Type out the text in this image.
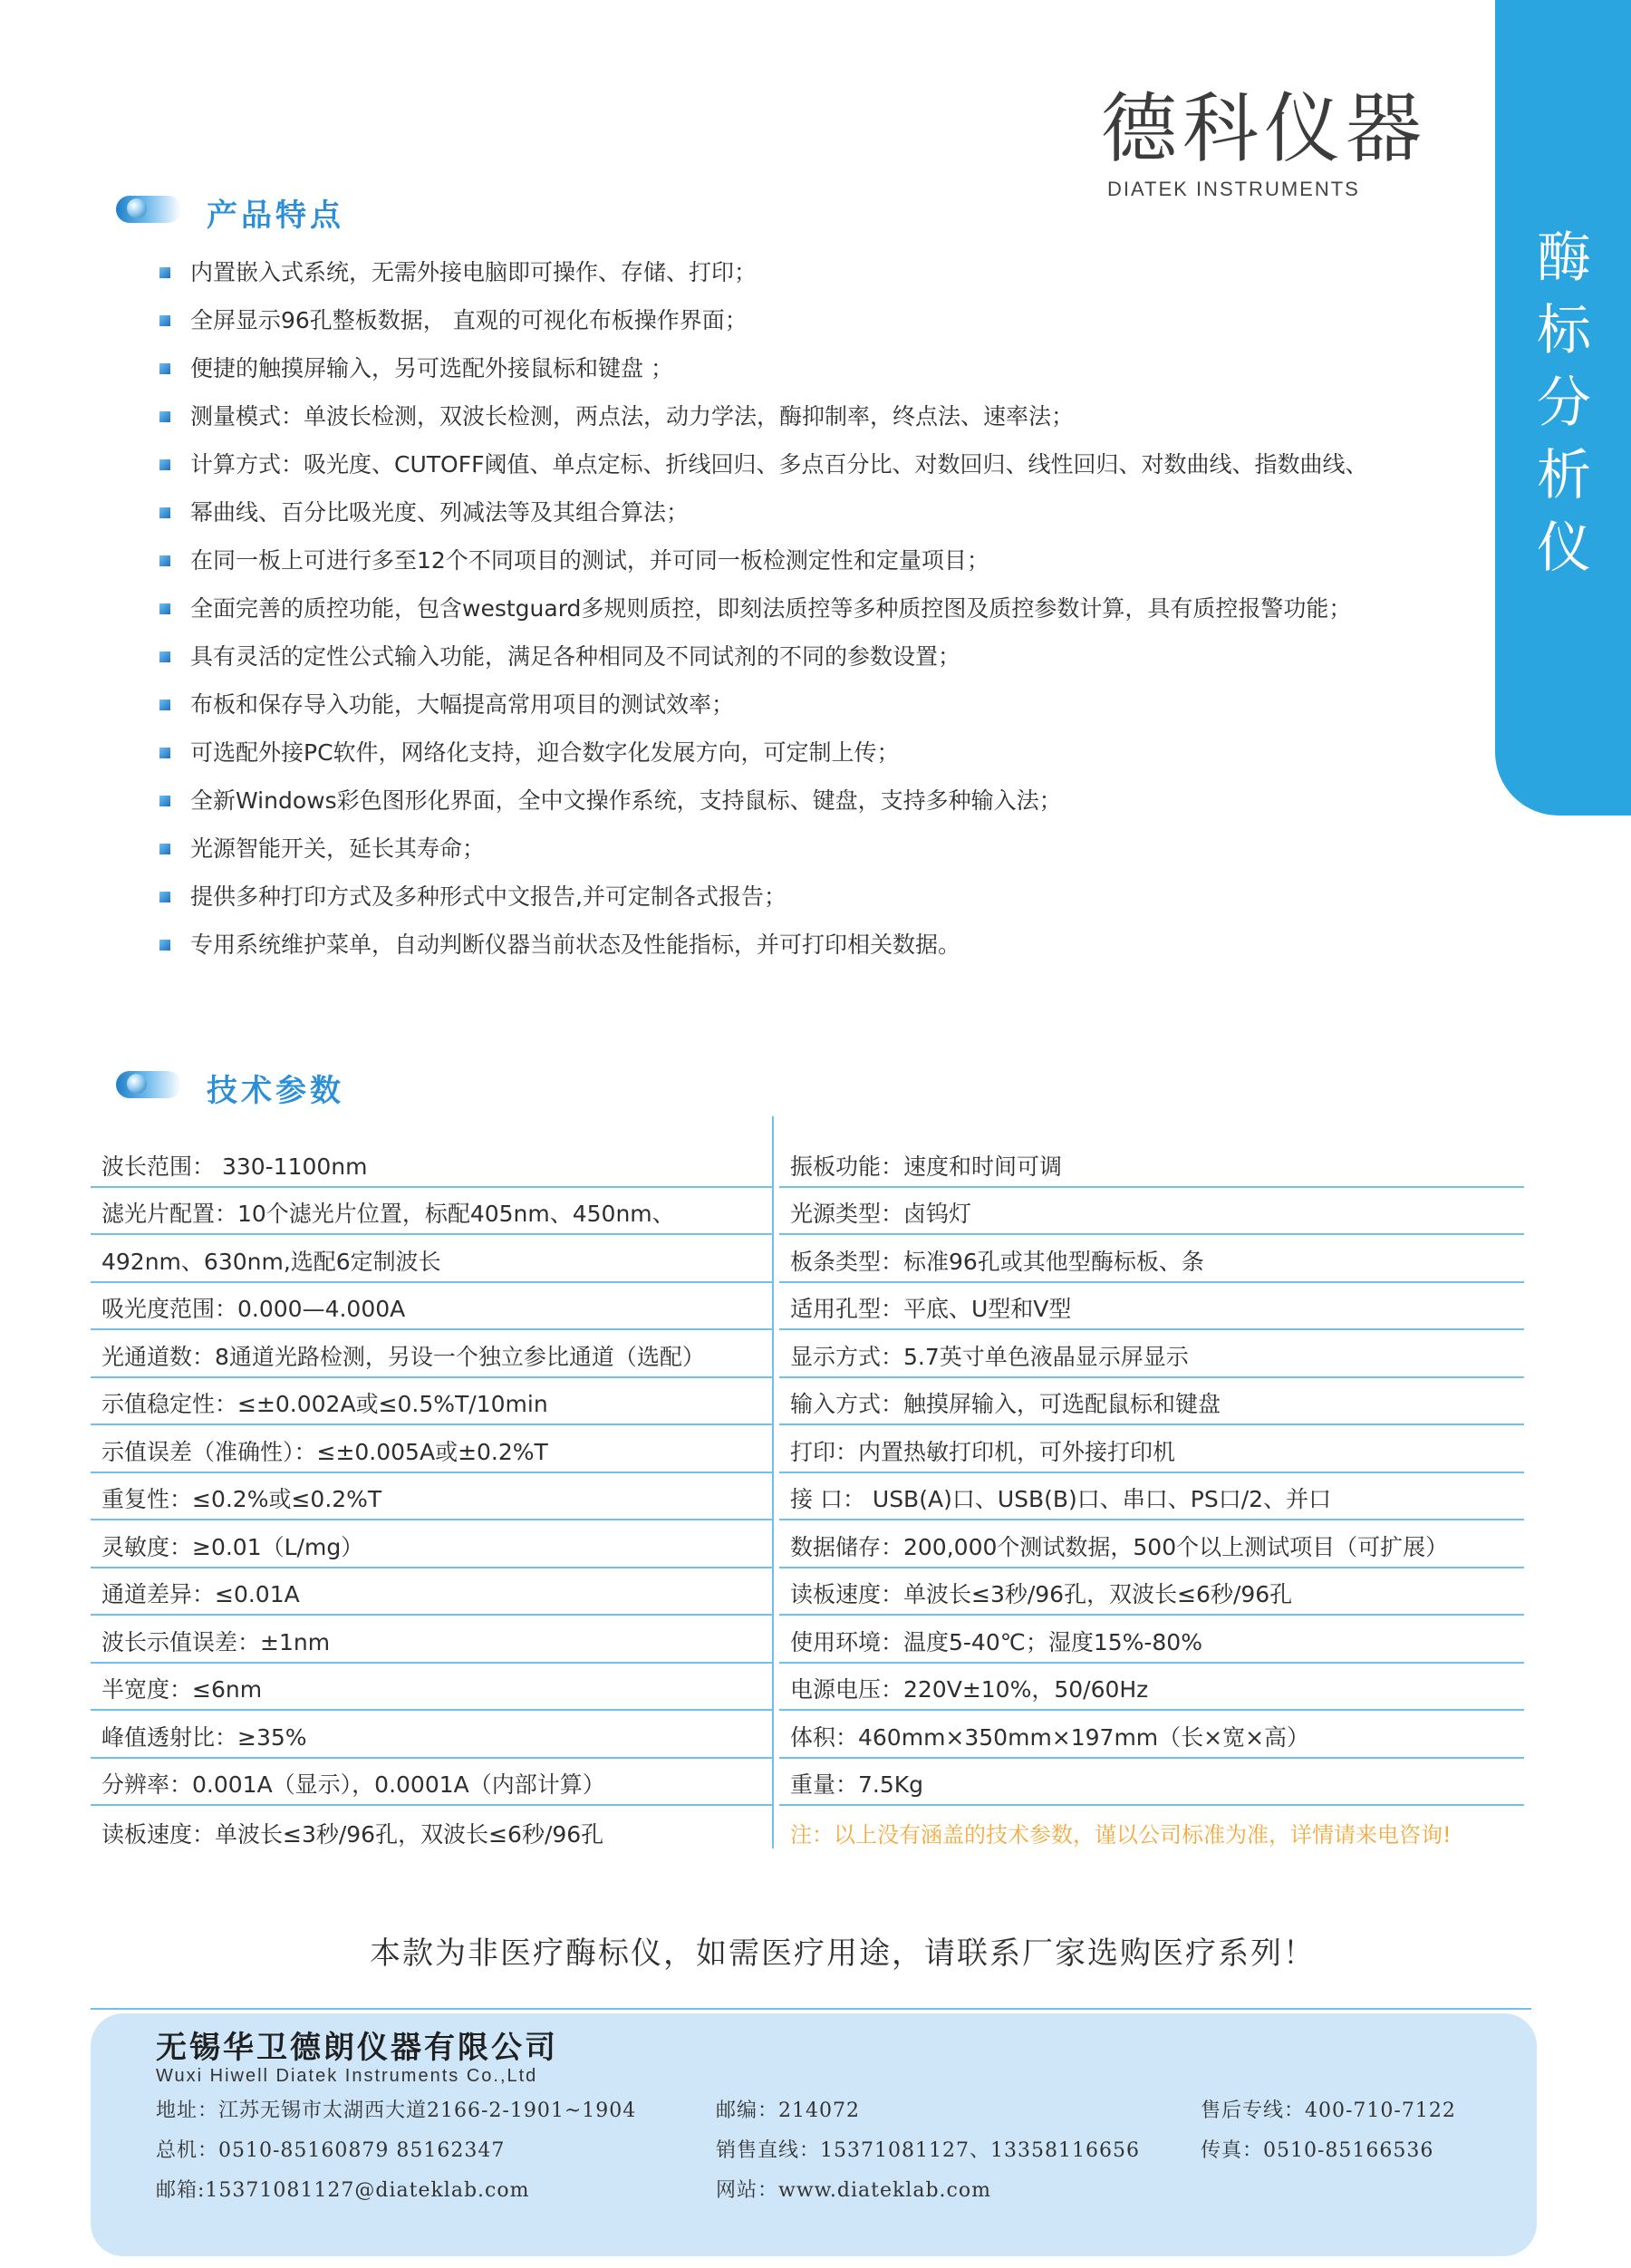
德科仪器
DIATEK INSTRUMENTS
酶
标
分
析
仪
产品特点
内置嵌入式系统，无需外接电脑即可操作、存储、打印；
全屏显示96孔整板数据， 直观的可视化布板操作界面；
便捷的触摸屏输入，另可选配外接鼠标和键盘 ；
测量模式：单波长检测，双波长检测，两点法，动力学法，酶抑制率，终点法、速率法；
计算方式：吸光度、CUTOFF阈值、单点定标、折线回归、多点百分比、对数回归、线性回归、对数曲线、指数曲线、
幂曲线、百分比吸光度、列减法等及其组合算法；
在同一板上可进行多至12个不同项目的测试，并可同一板检测定性和定量项目；
全面完善的质控功能，包含westguard多规则质控，即刻法质控等多种质控图及质控参数计算，具有质控报警功能；
具有灵活的定性公式输入功能，满足各种相同及不同试剂的不同的参数设置；
布板和保存导入功能，大幅提高常用项目的测试效率；
可选配外接PC软件，网络化支持，迎合数字化发展方向，可定制上传；
全新Windows彩色图形化界面，全中文操作系统，支持鼠标、键盘，支持多种输入法；
光源智能开关，延长其寿命；
提供多种打印方式及多种形式中文报告,并可定制各式报告；
专用系统维护菜单，自动判断仪器当前状态及性能指标，并可打印相关数据。
技术参数
波长范围： 330-1100nm
滤光片配置：10个滤光片位置，标配405nm、450nm、
492nm、630nm,选配6定制波长
吸光度范围：0.000—4.000A
光通道数：8通道光路检测，另设一个独立参比通道（选配）
示值稳定性：≤±0.002A或≤0.5%T/10min
示值误差（准确性）：≤±0.005A或±0.2%T
重复性：≤0.2%或≤0.2%T
灵敏度：≥0.01（L/mg）
通道差异：≤0.01A
波长示值误差：±1nm
半宽度：≤6nm
峰值透射比：≥35%
分辨率：0.001A（显示），0.0001A（内部计算）
读板速度：单波长≤3秒/96孔，双波长≤6秒/96孔
振板功能：速度和时间可调
光源类型：卤钨灯
板条类型：标准96孔或其他型酶标板、条
适用孔型：平底、U型和V型
显示方式：5.7英寸单色液晶显示屏显示
输入方式：触摸屏输入，可选配鼠标和键盘
打印：内置热敏打印机，可外接打印机
接 口： USB(A)口、USB(B)口、串口、PS口/2、并口
数据储存：200,000个测试数据，500个以上测试项目（可扩展）
读板速度：单波长≤3秒/96孔，双波长≤6秒/96孔
使用环境：温度5-40℃；湿度15%-80%
电源电压：220V±10%，50/60Hz
体积：460mm×350mm×197mm（长×宽×高）
重量：7.5Kg
注：以上没有涵盖的技术参数，谨以公司标准为准，详情请来电咨询!
本款为非医疗酶标仪，如需医疗用途，请联系厂家选购医疗系列！
无锡华卫德朗仪器有限公司
Wuxi Hiwell Diatek Instruments Co.,Ltd
地址：江苏无锡市太湖西大道2166-2-1901~1904	邮编：214072	售后专线：400-710-7122
总机：0510-85160879 85162347	销售直线：15371081127、13358116656	传真：0510-85166536
邮箱:15371081127@diateklab.com	网站：www.diateklab.com
